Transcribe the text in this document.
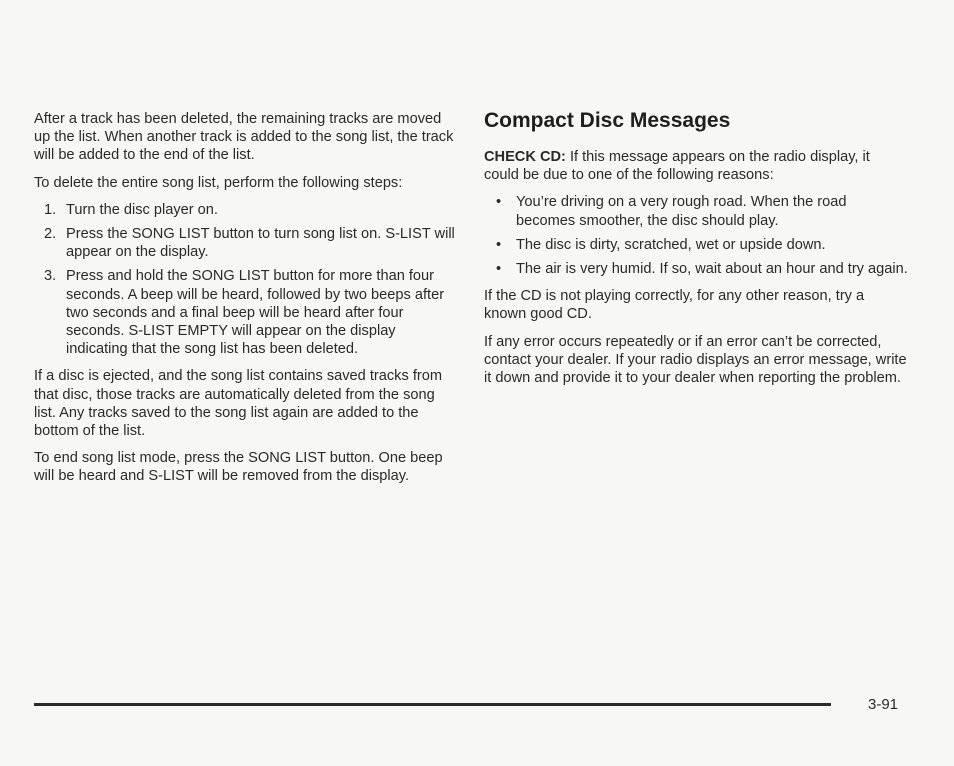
After a track has been deleted, the remaining tracks are moved up the list. When another track is added to the song list, the track will be added to the end of the list.

To delete the entire song list, perform the following steps:

1. Turn the disc player on.
2. Press the SONG LIST button to turn song list on. S-LIST will appear on the display.
3. Press and hold the SONG LIST button for more than four seconds. A beep will be heard, followed by two beeps after two seconds and a final beep will be heard after four seconds. S-LIST EMPTY will appear on the display indicating that the song list has been deleted.

If a disc is ejected, and the song list contains saved tracks from that disc, those tracks are automatically deleted from the song list. Any tracks saved to the song list again are added to the bottom of the list.

To end song list mode, press the SONG LIST button. One beep will be heard and S-LIST will be removed from the display.

Compact Disc Messages

CHECK CD: If this message appears on the radio display, it could be due to one of the following reasons:

• You’re driving on a very rough road. When the road becomes smoother, the disc should play.
• The disc is dirty, scratched, wet or upside down.
• The air is very humid. If so, wait about an hour and try again.

If the CD is not playing correctly, for any other reason, try a known good CD.

If any error occurs repeatedly or if an error can’t be corrected, contact your dealer. If your radio displays an error message, write it down and provide it to your dealer when reporting the problem.

3-91
